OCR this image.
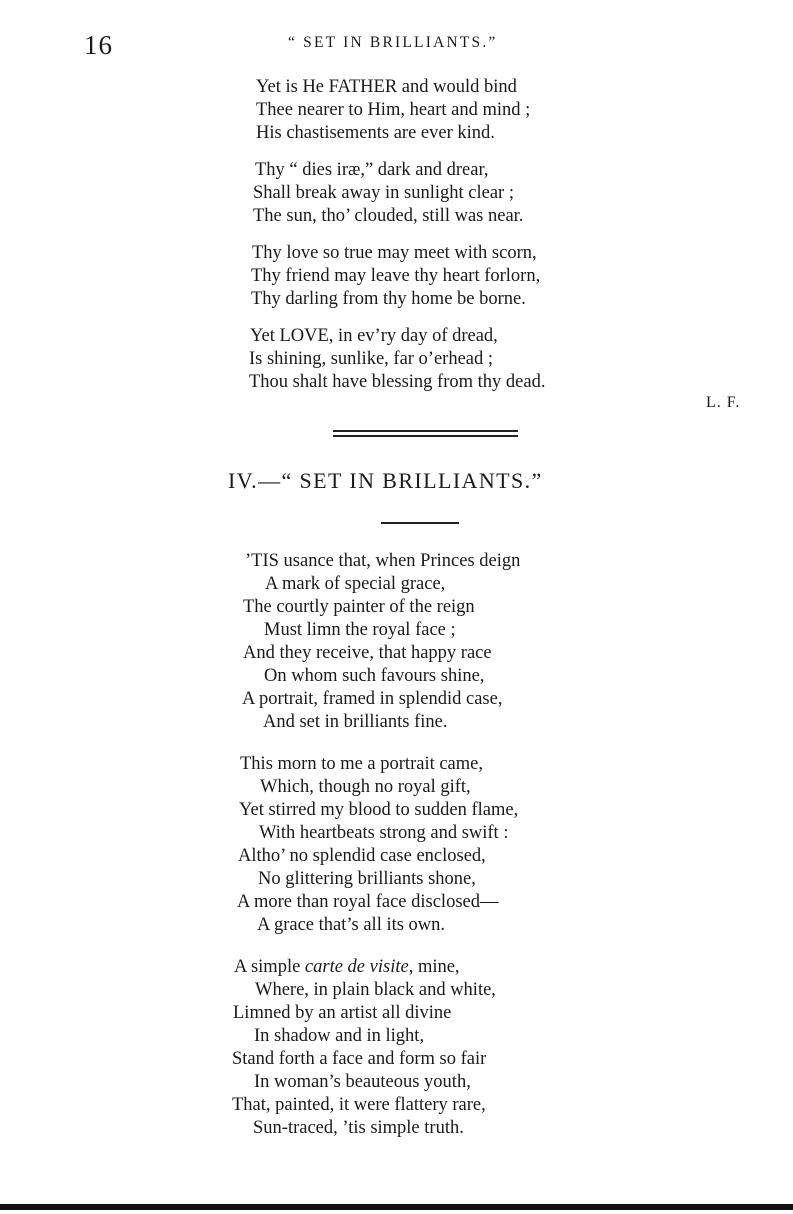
16	“ SET IN BRILLIANTS.”
Yet is He FATHER and would bind
Thee nearer to Him, heart and mind ;
His chastisements are ever kind.
Thy “ dies iræ,” dark and drear,
Shall break away in sunlight clear ;
The sun, tho’ clouded, still was near.
Thy love so true may meet with scorn,
Thy friend may leave thy heart forlorn,
Thy darling from thy home be borne.
Yet LOVE, in ev’ry day of dread,
Is shining, sunlike, far o’erhead ;
Thou shalt have blessing from thy dead.
L. F.
IV.—“ SET IN BRILLIANTS.”
’TIS usance that, when Princes deign
A mark of special grace,
The courtly painter of the reign
Must limn the royal face ;
And they receive, that happy race
On whom such favours shine,
A portrait, framed in splendid case,
And set in brilliants fine.
This morn to me a portrait came,
Which, though no royal gift,
Yet stirred my blood to sudden flame,
With heartbeats strong and swift :
Altho’ no splendid case enclosed,
No glittering brilliants shone,
A more than royal face disclosed—
A grace that’s all its own.
A simple carte de visite, mine,
Where, in plain black and white,
Limned by an artist all divine
In shadow and in light,
Stand forth a face and form so fair
In woman’s beauteous youth,
That, painted, it were flattery rare,
Sun-traced, ’tis simple truth.
